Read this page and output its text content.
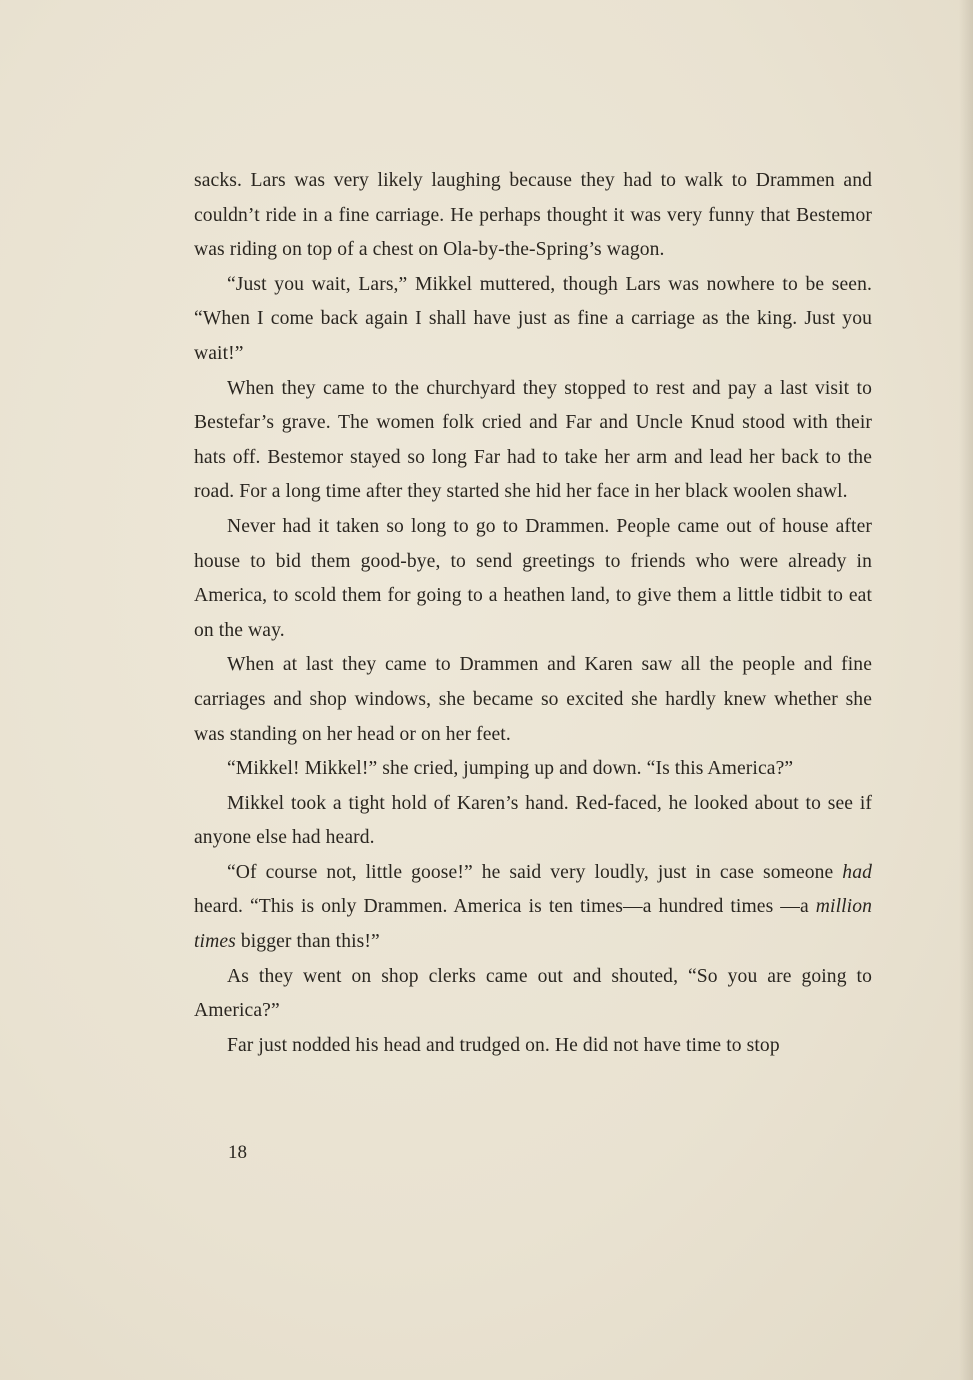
sacks. Lars was very likely laughing because they had to walk to Drammen and couldn’t ride in a fine carriage. He perhaps thought it was very funny that Bestemor was riding on top of a chest on Ola-by-the-Spring’s wagon.

“Just you wait, Lars,” Mikkel muttered, though Lars was nowhere to be seen. “When I come back again I shall have just as fine a carriage as the king. Just you wait!”

When they came to the churchyard they stopped to rest and pay a last visit to Bestefar’s grave. The women folk cried and Far and Uncle Knud stood with their hats off. Bestemor stayed so long Far had to take her arm and lead her back to the road. For a long time after they started she hid her face in her black woolen shawl.

Never had it taken so long to go to Drammen. People came out of house after house to bid them good-bye, to send greetings to friends who were already in America, to scold them for going to a heathen land, to give them a little tidbit to eat on the way.

When at last they came to Drammen and Karen saw all the people and fine carriages and shop windows, she became so excited she hardly knew whether she was standing on her head or on her feet.

“Mikkel! Mikkel!” she cried, jumping up and down. “Is this America?”

Mikkel took a tight hold of Karen’s hand. Red-faced, he looked about to see if anyone else had heard.

“Of course not, little goose!” he said very loudly, just in case someone had heard. “This is only Drammen. America is ten times—a hundred times —a million times bigger than this!”

As they went on shop clerks came out and shouted, “So you are going to America?”

Far just nodded his head and trudged on. He did not have time to stop

18
